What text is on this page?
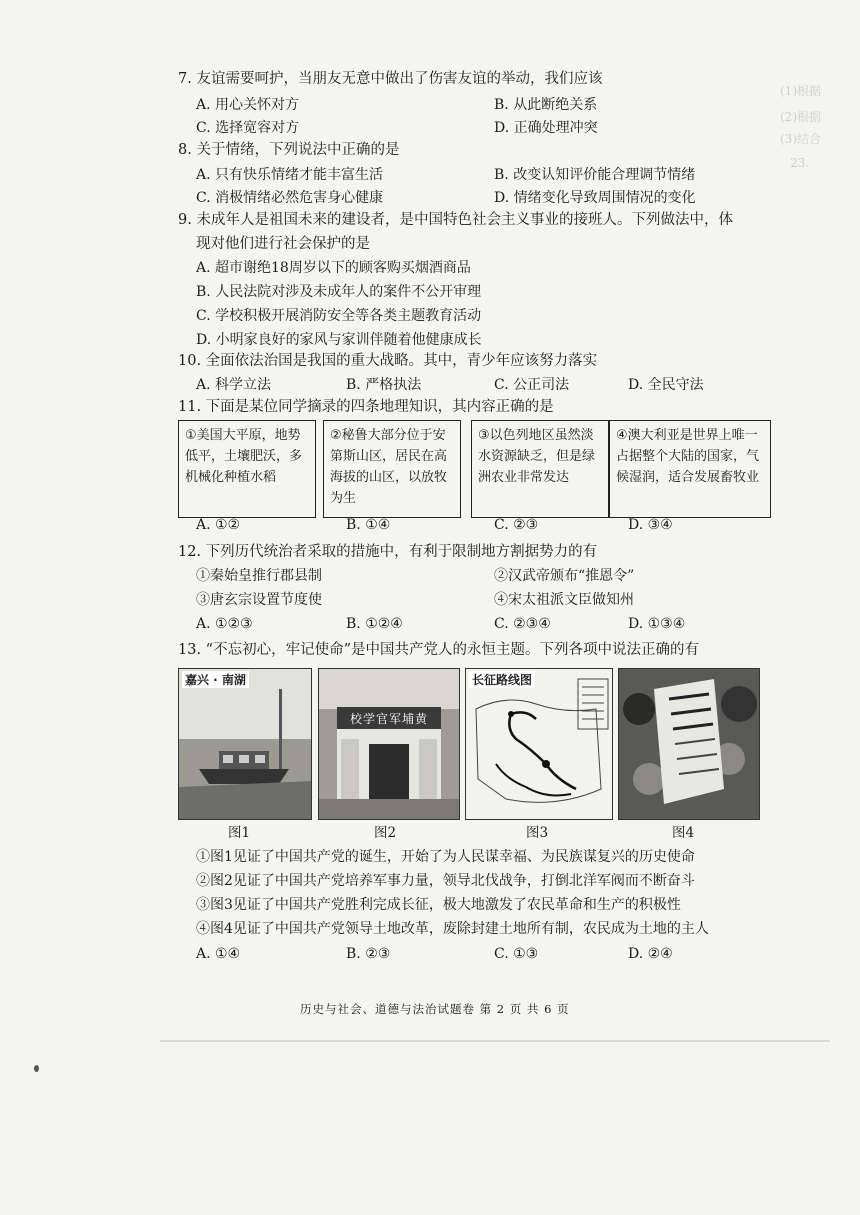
(1)根据
(2)根据
(3)结合
23.
7. 友谊需要呵护，当朋友无意中做出了伤害友谊的举动，我们应该
A. 用心关怀对方	B. 从此断绝关系
C. 选择宽容对方	D. 正确处理冲突
8. 关于情绪，下列说法中正确的是
A. 只有快乐情绪才能丰富生活	B. 改变认知评价能合理调节情绪
C. 消极情绪必然危害身心健康	D. 情绪变化导致周围情况的变化
9. 未成年人是祖国未来的建设者，是中国特色社会主义事业的接班人。下列做法中，体
现对他们进行社会保护的是
A. 超市谢绝18周岁以下的顾客购买烟酒商品
B. 人民法院对涉及未成年人的案件不公开审理
C. 学校积极开展消防安全等各类主题教育活动
D. 小明家良好的家风与家训伴随着他健康成长
10. 全面依法治国是我国的重大战略。其中，青少年应该努力落实
A. 科学立法	B. 严格执法	C. 公正司法	D. 全民守法
11. 下面是某位同学摘录的四条地理知识，其内容正确的是
①美国大平原，地势低平，土壤肥沃，多机械化种植水稻
②秘鲁大部分位于安第斯山区，居民在高海拔的山区，以放牧为生
③以色列地区虽然淡水资源缺乏，但是绿洲农业非常发达
④澳大利亚是世界上唯一占据整个大陆的国家，气候湿润，适合发展畜牧业
A. ①②	B. ①④	C. ②③	D. ③④
12. 下列历代统治者采取的措施中，有利于限制地方割据势力的有
①秦始皇推行郡县制	②汉武帝颁布“推恩令”
③唐玄宗设置节度使	④宋太祖派文臣做知州
A. ①②③	B. ①②④	C. ②③④	D. ①③④
13. “不忘初心，牢记使命”是中国共产党人的永恒主题。下列各项中说法正确的有
嘉兴 · 南湖
校学官军埔黄
长征路线图
图1	图2	图3	图4
①图1见证了中国共产党的诞生，开始了为人民谋幸福、为民族谋复兴的历史使命
②图2见证了中国共产党培养军事力量，领导北伐战争，打倒北洋军阀而不断奋斗
③图3见证了中国共产党胜利完成长征，极大地激发了农民革命和生产的积极性
④图4见证了中国共产党领导土地改革，废除封建土地所有制，农民成为土地的主人
A. ①④	B. ②③	C. ①③	D. ②④
历史与社会、道德与法治试题卷 第 2 页 共 6 页
